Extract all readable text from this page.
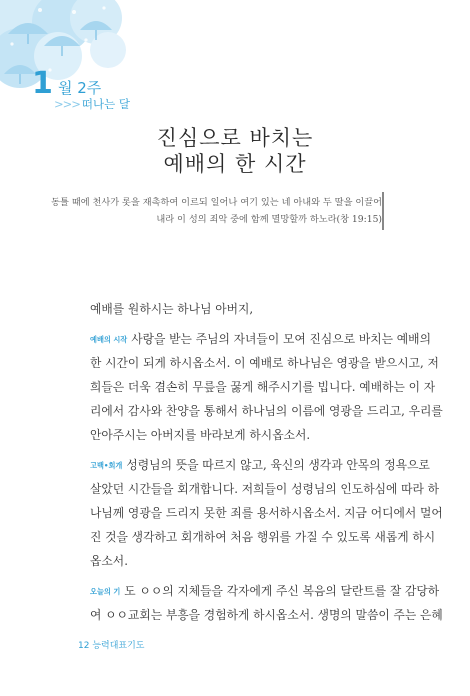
1 월 2주
>>> 떠나는 달
진심으로 바치는
예배의 한 시간
동틀 때에 천사가 롯을 재촉하여 이르되 일어나 여기 있는 네 아내와 두 딸을 이끌어
내라 이 성의 죄악 중에 함께 멸망할까 하노라(창 19:15)
예배를 원하시는 하나님 아버지,
예배의 시작 사랑을 받는 주님의 자녀들이 모여 진심으로 바치는 예배의
한 시간이 되게 하시옵소서. 이 예배로 하나님은 영광을 받으시고, 저
희들은 더욱 겸손히 무릎을 꿇게 해주시기를 빕니다. 예배하는 이 자
리에서 감사와 찬양을 통해서 하나님의 이름에 영광을 드리고, 우리를
안아주시는 아버지를 바라보게 하시옵소서.
고백•회개 성령님의 뜻을 따르지 않고, 육신의 생각과 안목의 정욕으로
살았던 시간들을 회개합니다. 저희들이 성령님의 인도하심에 따라 하
나님께 영광을 드리지 못한 죄를 용서하시옵소서. 지금 어디에서 멀어
진 것을 생각하고 회개하여 처음 행위를 가질 수 있도록 새롭게 하시
옵소서.
오늘의 기 도 ㅇㅇ의 지체들을 각자에게 주신 복음의 달란트를 잘 감당하
여 ㅇㅇ교회는 부흥을 경험하게 하시옵소서. 생명의 말씀이 주는 은혜
12 능력대표기도
